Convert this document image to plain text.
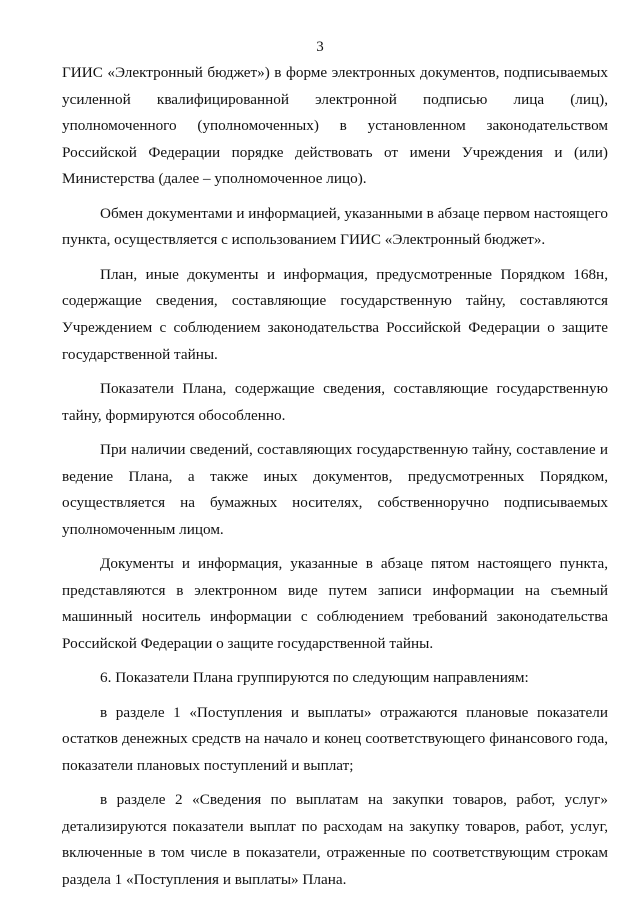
3

ГИИС «Электронный бюджет») в форме электронных документов, подписываемых усиленной квалифицированной электронной подписью лица (лиц), уполномоченного (уполномоченных) в установленном законодательством Российской Федерации порядке действовать от имени Учреждения и (или) Министерства (далее – уполномоченное лицо).

Обмен документами и информацией, указанными в абзаце первом настоящего пункта, осуществляется с использованием ГИИС «Электронный бюджет».

План, иные документы и информация, предусмотренные Порядком 168н, содержащие сведения, составляющие государственную тайну, составляются Учреждением с соблюдением законодательства Российской Федерации о защите государственной тайны.

Показатели Плана, содержащие сведения, составляющие государственную тайну, формируются обособленно.

При наличии сведений, составляющих государственную тайну, составление и ведение Плана, а также иных документов, предусмотренных Порядком, осуществляется на бумажных носителях, собственноручно подписываемых уполномоченным лицом.

Документы и информация, указанные в абзаце пятом настоящего пункта, представляются в электронном виде путем записи информации на съемный машинный носитель информации с соблюдением требований законодательства Российской Федерации о защите государственной тайны.

6. Показатели Плана группируются по следующим направлениям:

в разделе 1 «Поступления и выплаты» отражаются плановые показатели остатков денежных средств на начало и конец соответствующего финансового года, показатели плановых поступлений и выплат;

в разделе 2 «Сведения по выплатам на закупки товаров, работ, услуг» детализируются показатели выплат по расходам на закупку товаров, работ, услуг, включенные в том числе в показатели, отраженные по соответствующим строкам раздела 1 «Поступления и выплаты» Плана.
